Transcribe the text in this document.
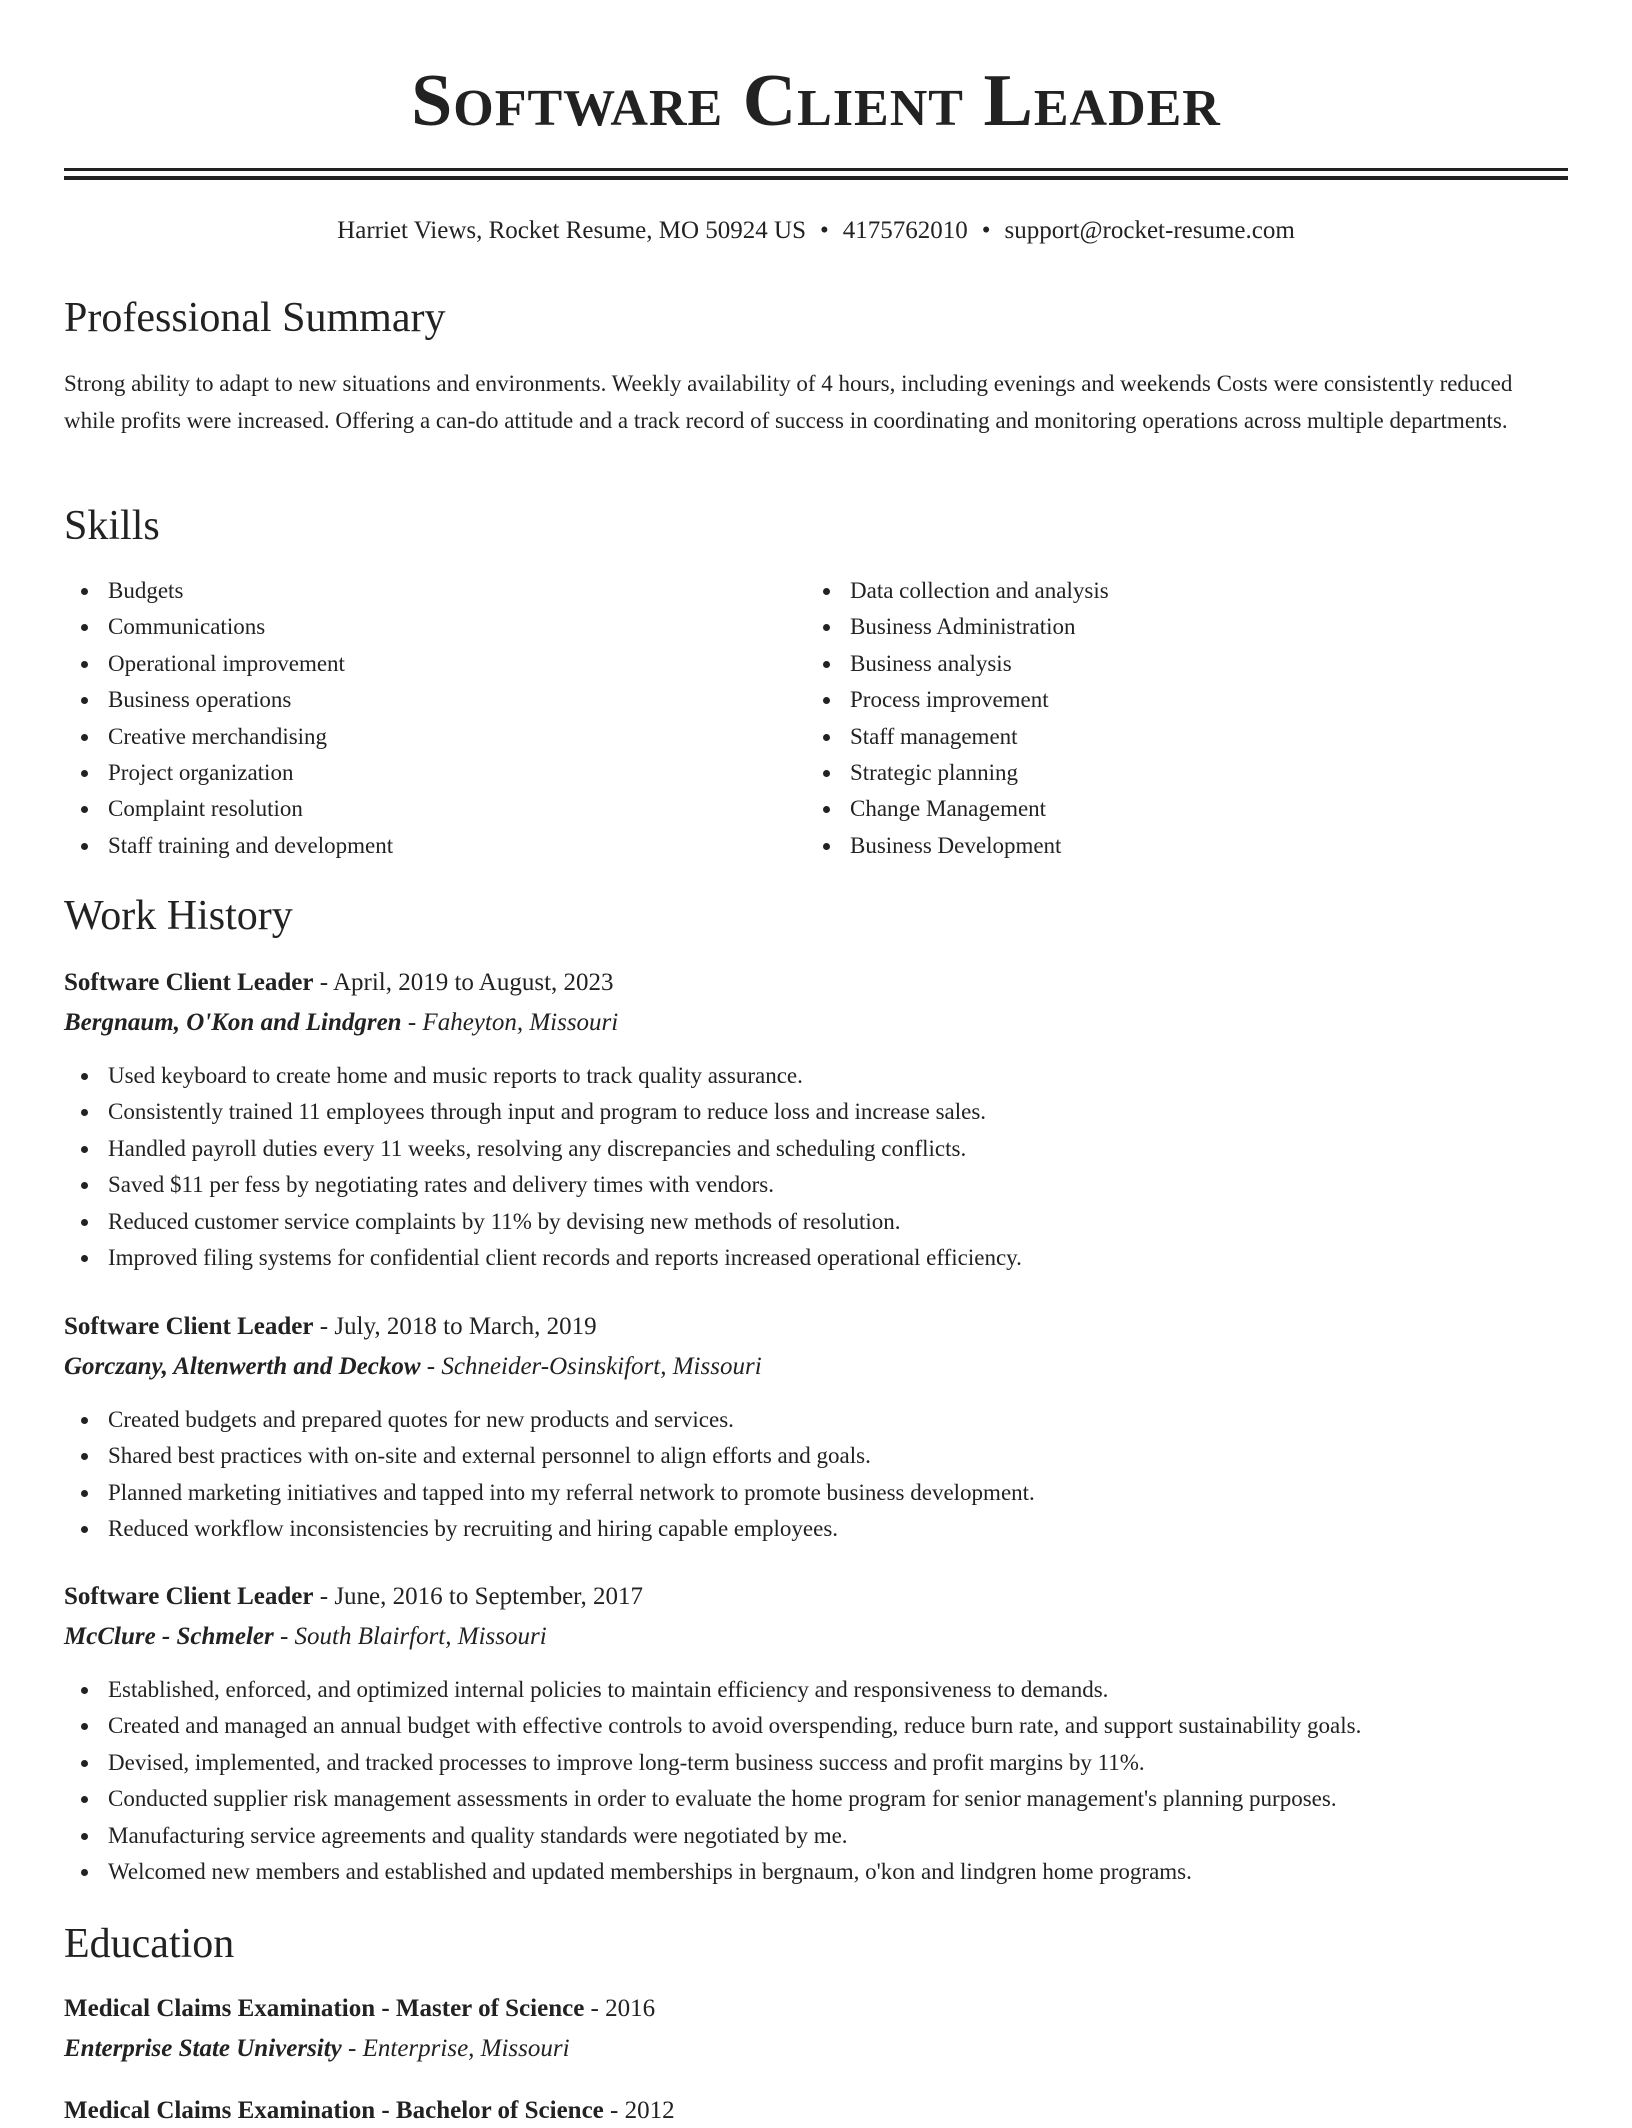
Software Client Leader
Harriet Views, Rocket Resume, MO 50924 US • 4175762010 • support@rocket-resume.com
Professional Summary

Strong ability to adapt to new situations and environments. Weekly availability of 4 hours, including evenings and weekends Costs were consistently reduced while profits were increased. Offering a can-do attitude and a track record of success in coordinating and monitoring operations across multiple departments.

Skills
Budgets
Communications
Operational improvement
Business operations
Creative merchandising
Project organization
Complaint resolution
Staff training and development
Data collection and analysis
Business Administration
Business analysis
Process improvement
Staff management
Strategic planning
Change Management
Business Development
Work History
Software Client Leader - April, 2019 to August, 2023
Bergnaum, O'Kon and Lindgren - Faheyton, Missouri
Used keyboard to create home and music reports to track quality assurance.
Consistently trained 11 employees through input and program to reduce loss and increase sales.
Handled payroll duties every 11 weeks, resolving any discrepancies and scheduling conflicts.
Saved $11 per fess by negotiating rates and delivery times with vendors.
Reduced customer service complaints by 11% by devising new methods of resolution.
Improved filing systems for confidential client records and reports increased operational efficiency.
Software Client Leader - July, 2018 to March, 2019
Gorczany, Altenwerth and Deckow - Schneider-Osinskifort, Missouri
Created budgets and prepared quotes for new products and services.
Shared best practices with on-site and external personnel to align efforts and goals.
Planned marketing initiatives and tapped into my referral network to promote business development.
Reduced workflow inconsistencies by recruiting and hiring capable employees.
Software Client Leader - June, 2016 to September, 2017
McClure - Schmeler - South Blairfort, Missouri
Established, enforced, and optimized internal policies to maintain efficiency and responsiveness to demands.
Created and managed an annual budget with effective controls to avoid overspending, reduce burn rate, and support sustainability goals.
Devised, implemented, and tracked processes to improve long-term business success and profit margins by 11%.
Conducted supplier risk management assessments in order to evaluate the home program for senior management's planning purposes.
Manufacturing service agreements and quality standards were negotiated by me.
Welcomed new members and established and updated memberships in bergnaum, o'kon and lindgren home programs.
Education
Medical Claims Examination - Master of Science - 2016
Enterprise State University - Enterprise, Missouri
Medical Claims Examination - Bachelor of Science - 2012
